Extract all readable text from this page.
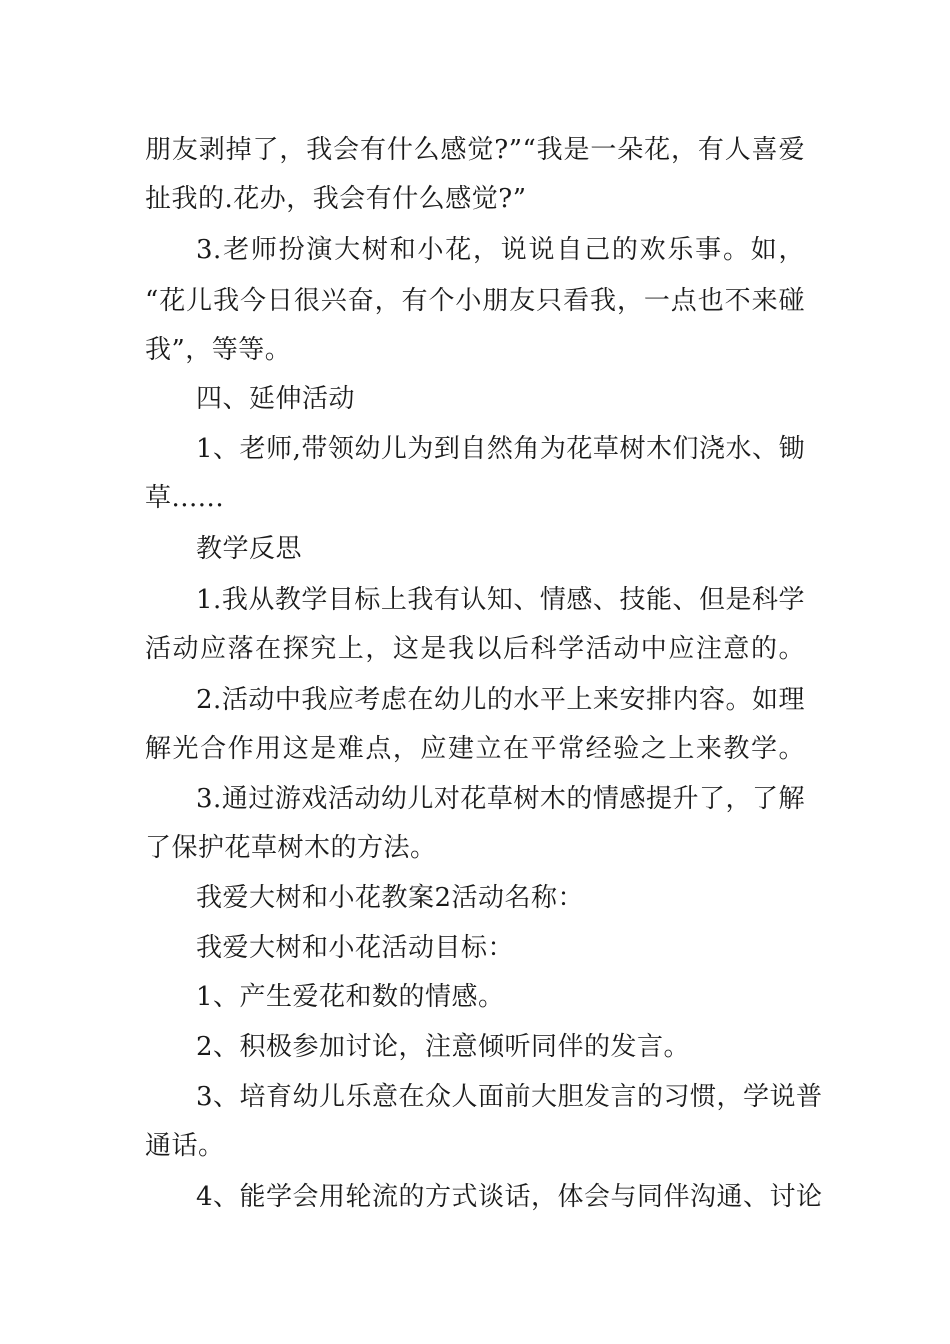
朋友剥掉了，我会有什么感觉?”“我是一朵花，有人喜爱
扯我的.花办，我会有什么感觉?”
3.老师扮演大树和小花，说说自己的欢乐事。如，
“花儿我今日很兴奋，有个小朋友只看我，一点也不来碰
我”，等等。
四、延伸活动
1、老师,带领幼儿为到自然角为花草树木们浇水、锄
草......
教学反思
1.我从教学目标上我有认知、情感、技能、但是科学
活动应落在探究上，这是我以后科学活动中应注意的。
2.活动中我应考虑在幼儿的水平上来安排内容。如理
解光合作用这是难点，应建立在平常经验之上来教学。
3.通过游戏活动幼儿对花草树木的情感提升了，了解
了保护花草树木的方法。
我爱大树和小花教案2活动名称：
我爱大树和小花活动目标：
1、产生爱花和数的情感。
2、积极参加讨论，注意倾听同伴的发言。
3、培育幼儿乐意在众人面前大胆发言的习惯，学说普
通话。
4、能学会用轮流的方式谈话，体会与同伴沟通、讨论
